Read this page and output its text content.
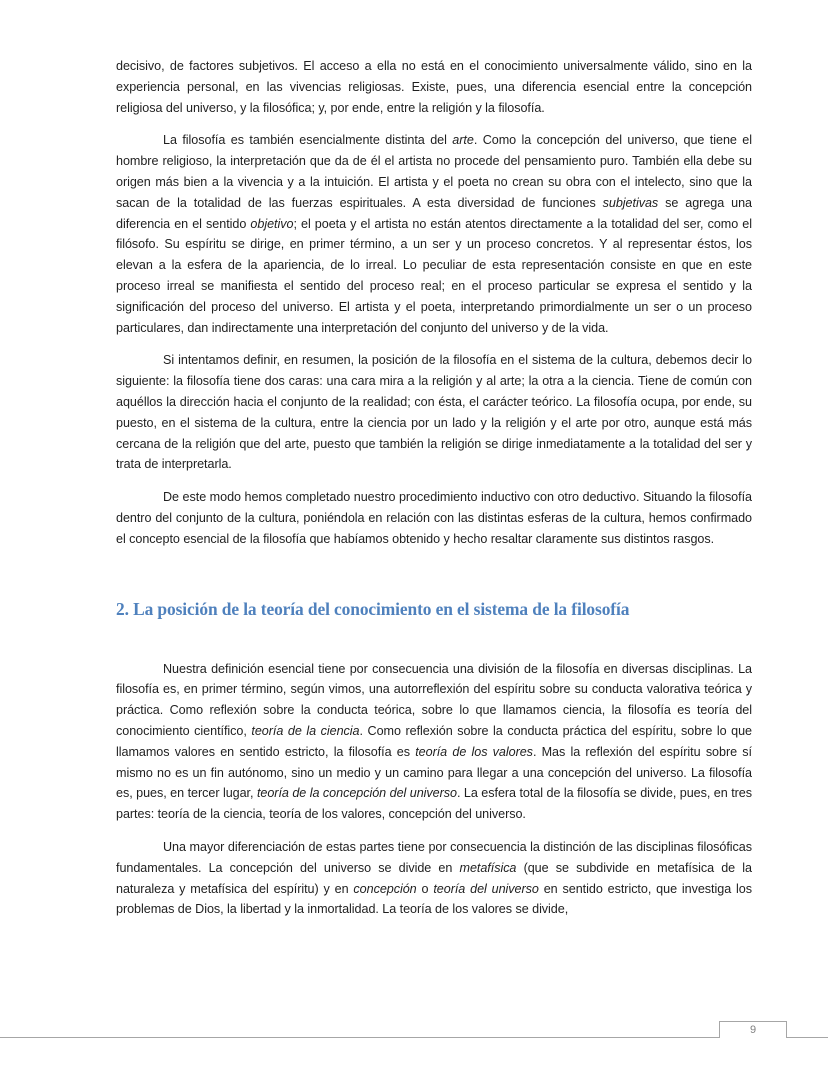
decisivo, de factores subjetivos. El acceso a ella no está en el conocimiento universalmente válido, sino en la experiencia personal, en las vivencias religiosas. Existe, pues, una diferencia esencial entre la concepción religiosa del universo, y la filosófica; y, por ende, entre la religión y la filosofía.

La filosofía es también esencialmente distinta del arte. Como la concepción del universo, que tiene el hombre religioso, la interpretación que da de él el artista no procede del pensamiento puro. También ella debe su origen más bien a la vivencia y a la intuición. El artista y el poeta no crean su obra con el intelecto, sino que la sacan de la totalidad de las fuerzas espirituales. A esta diversidad de funciones subjetivas se agrega una diferencia en el sentido objetivo; el poeta y el artista no están atentos directamente a la totalidad del ser, como el filósofo. Su espíritu se dirige, en primer término, a un ser y un proceso concretos. Y al representar éstos, los elevan a la esfera de la apariencia, de lo irreal. Lo peculiar de esta representación consiste en que en este proceso irreal se manifiesta el sentido del proceso real; en el proceso particular se expresa el sentido y la significación del proceso del universo. El artista y el poeta, interpretando primordialmente un ser o un proceso particulares, dan indirectamente una interpretación del conjunto del universo y de la vida.

Si intentamos definir, en resumen, la posición de la filosofía en el sistema de la cultura, debemos decir lo siguiente: la filosofía tiene dos caras: una cara mira a la religión y al arte; la otra a la ciencia. Tiene de común con aquéllos la dirección hacia el conjunto de la realidad; con ésta, el carácter teórico. La filosofía ocupa, por ende, su puesto, en el sistema de la cultura, entre la ciencia por un lado y la religión y el arte por otro, aunque está más cercana de la religión que del arte, puesto que también la religión se dirige inmediatamente a la totalidad del ser y trata de interpretarla.

De este modo hemos completado nuestro procedimiento inductivo con otro deductivo. Situando la filosofía dentro del conjunto de la cultura, poniéndola en relación con las distintas esferas de la cultura, hemos confirmado el concepto esencial de la filosofía que habíamos obtenido y hecho resaltar claramente sus distintos rasgos.

2. La posición de la teoría del conocimiento en el sistema de la filosofía

Nuestra definición esencial tiene por consecuencia una división de la filosofía en diversas disciplinas. La filosofía es, en primer término, según vimos, una autorreflexión del espíritu sobre su conducta valorativa teórica y práctica. Como reflexión sobre la conducta teórica, sobre lo que llamamos ciencia, la filosofía es teoría del conocimiento científico, teoría de la ciencia. Como reflexión sobre la conducta práctica del espíritu, sobre lo que llamamos valores en sentido estricto, la filosofía es teoría de los valores. Mas la reflexión del espíritu sobre sí mismo no es un fin autónomo, sino un medio y un camino para llegar a una concepción del universo. La filosofía es, pues, en tercer lugar, teoría de la concepción del universo. La esfera total de la filosofía se divide, pues, en tres partes: teoría de la ciencia, teoría de los valores, concepción del universo.

Una mayor diferenciación de estas partes tiene por consecuencia la distinción de las disciplinas filosóficas fundamentales. La concepción del universo se divide en metafísica (que se subdivide en metafísica de la naturaleza y metafísica del espíritu) y en concepción o teoría del universo en sentido estricto, que investiga los problemas de Dios, la libertad y la inmortalidad. La teoría de los valores se divide,

9
